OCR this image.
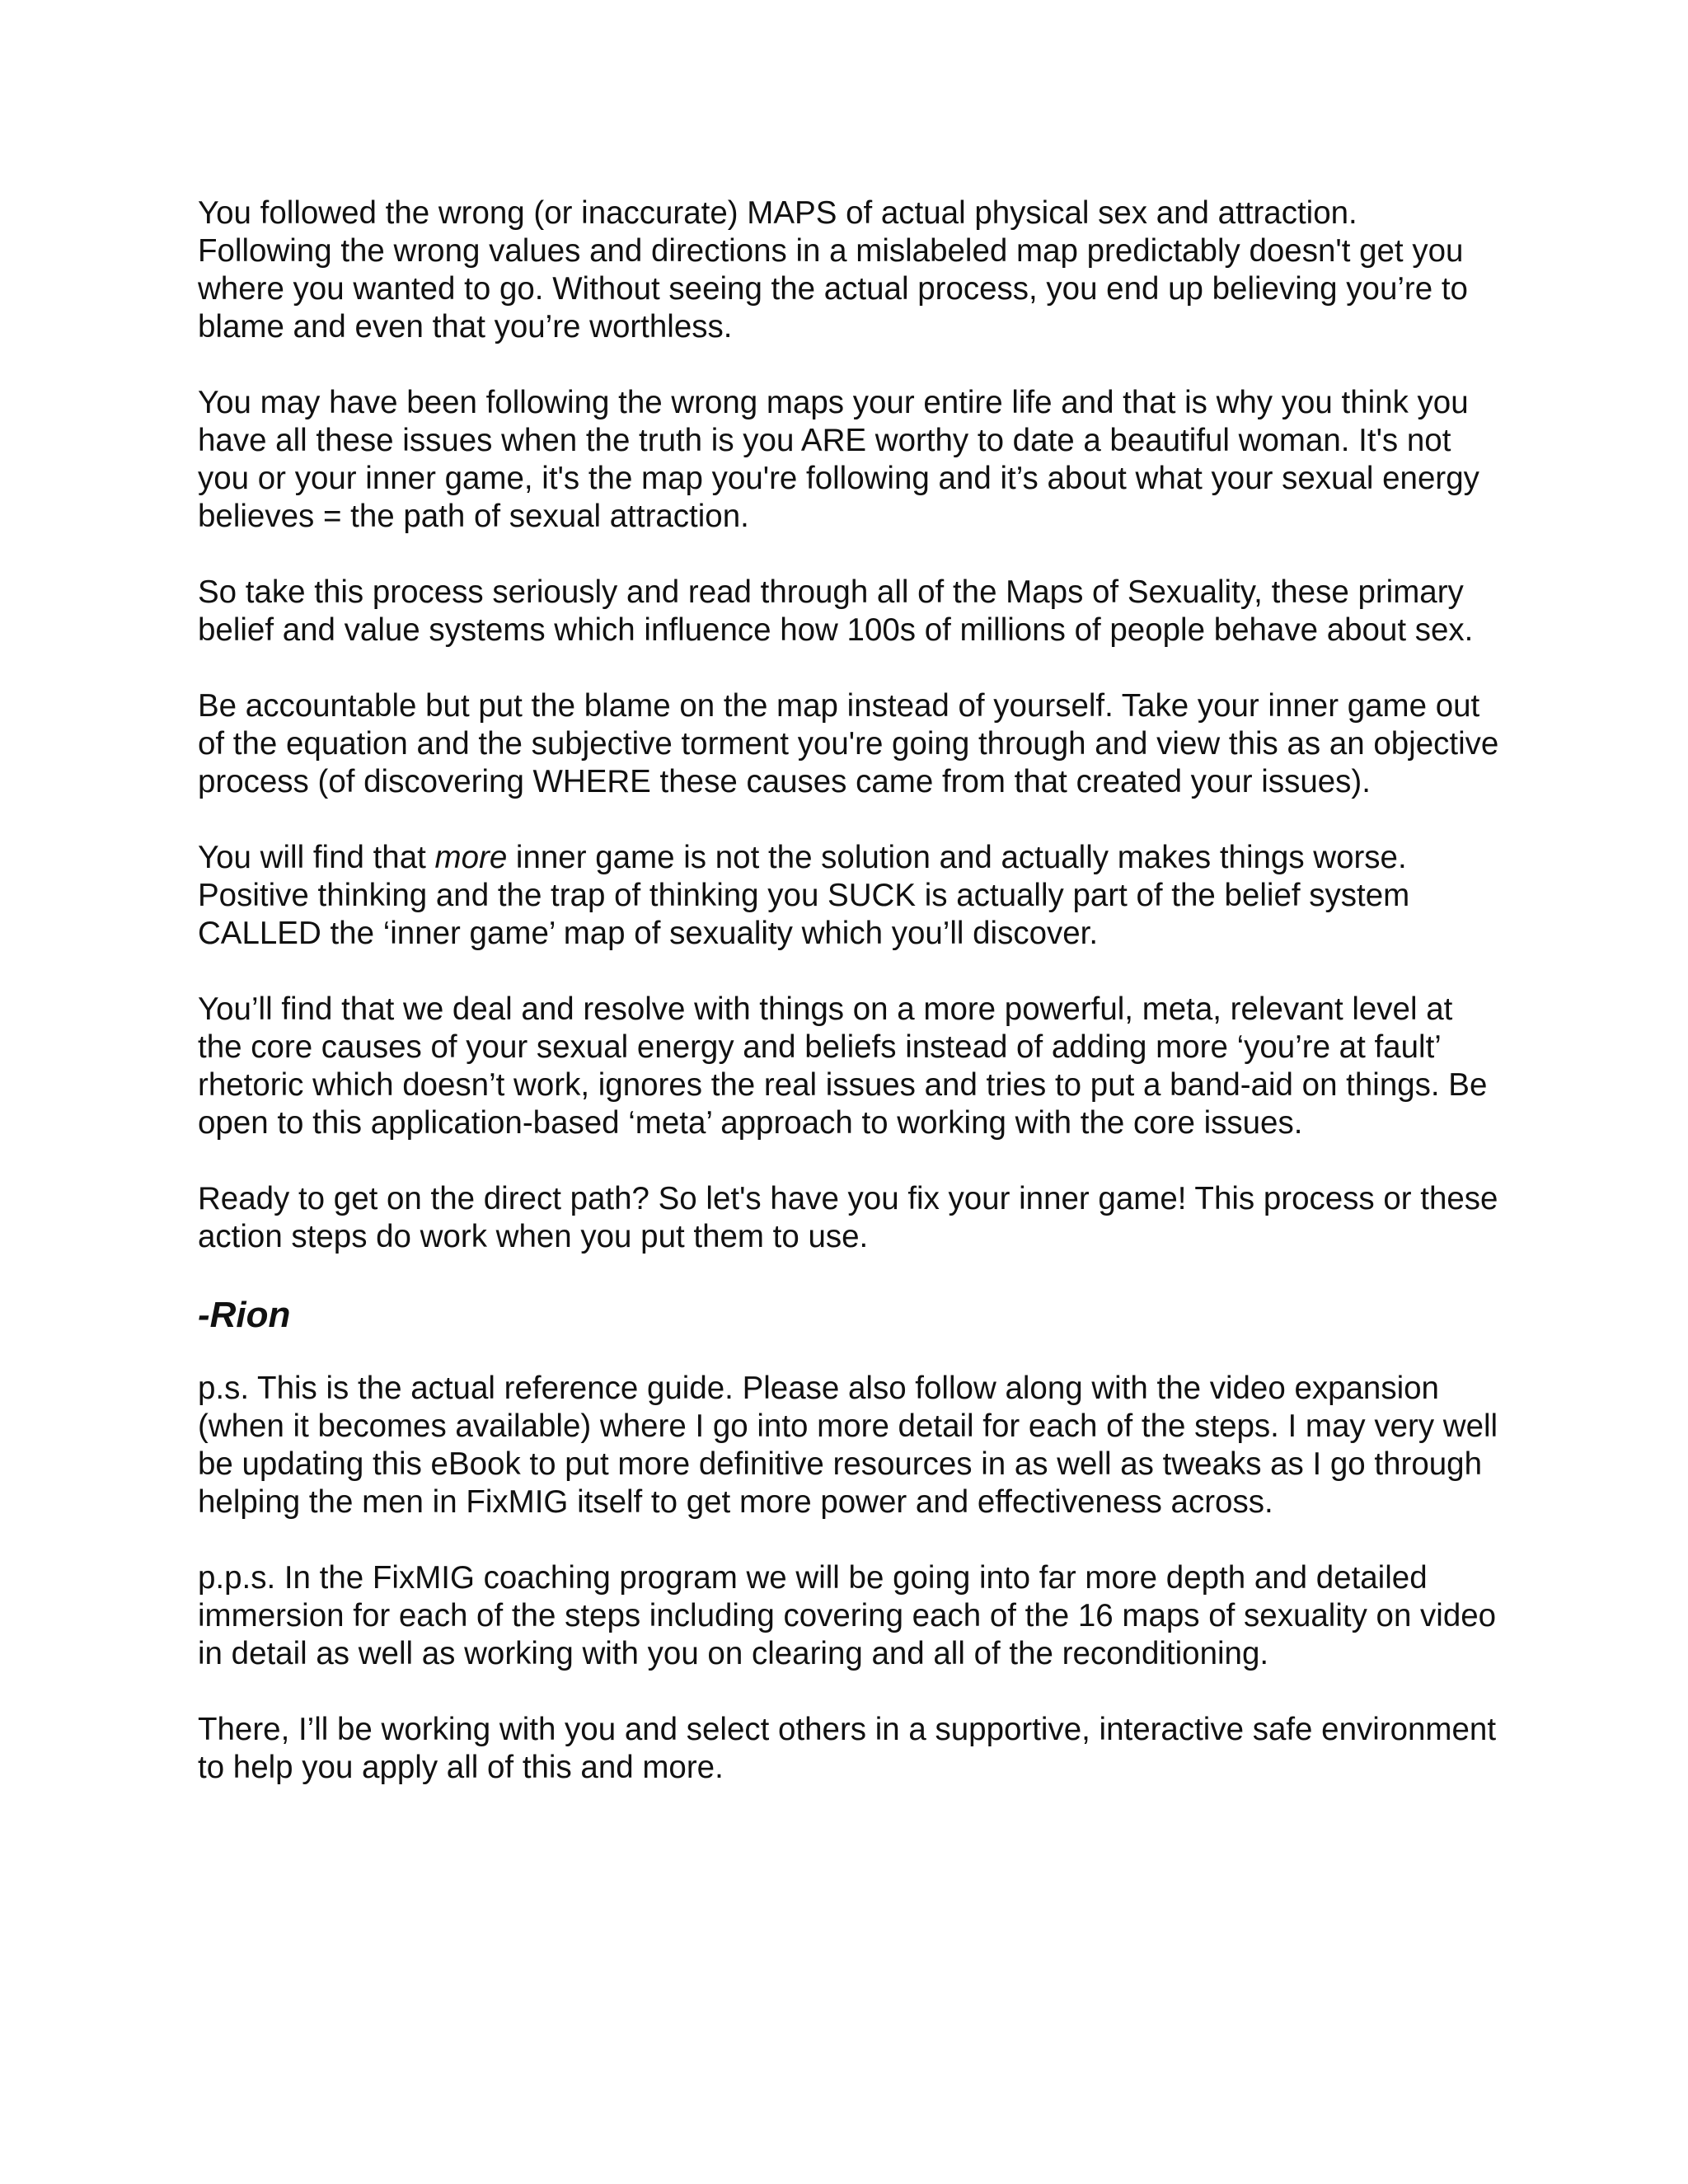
You followed the wrong (or inaccurate) MAPS of actual physical sex and attraction. Following the wrong values and directions in a mislabeled map predictably doesn't get you where you wanted to go. Without seeing the actual process, you end up believing you’re to blame and even that you’re worthless.

You may have been following the wrong maps your entire life and that is why you think you have all these issues when the truth is you ARE worthy to date a beautiful woman. It's not you or your inner game, it's the map you're following and it’s about what your sexual energy believes = the path of sexual attraction.

So take this process seriously and read through all of the Maps of Sexuality, these primary belief and value systems which influence how 100s of millions of people behave about sex.

Be accountable but put the blame on the map instead of yourself. Take your inner game out of the equation and the subjective torment you're going through and view this as an objective process (of discovering WHERE these causes came from that created your issues).

You will find that more inner game is not the solution and actually makes things worse. Positive thinking and the trap of thinking you SUCK is actually part of the belief system CALLED the ‘inner game’ map of sexuality which you’ll discover.

You’ll find that we deal and resolve with things on a more powerful, meta, relevant level at the core causes of your sexual energy and beliefs instead of adding more ‘you’re at fault’ rhetoric which doesn’t work, ignores the real issues and tries to put a band-aid on things. Be open to this application-based ‘meta’ approach to working with the core issues.

Ready to get on the direct path? So let's have you fix your inner game! This process or these action steps do work when you put them to use.

-Rion

p.s. This is the actual reference guide. Please also follow along with the video expansion (when it becomes available) where I go into more detail for each of the steps. I may very well be updating this eBook to put more definitive resources in as well as tweaks as I go through helping the men in FixMIG itself to get more power and effectiveness across.

p.p.s. In the FixMIG coaching program we will be going into far more depth and detailed immersion for each of the steps including covering each of the 16 maps of sexuality on video in detail as well as working with you on clearing and all of the reconditioning.

There, I’ll be working with you and select others in a supportive, interactive safe environment to help you apply all of this and more.
